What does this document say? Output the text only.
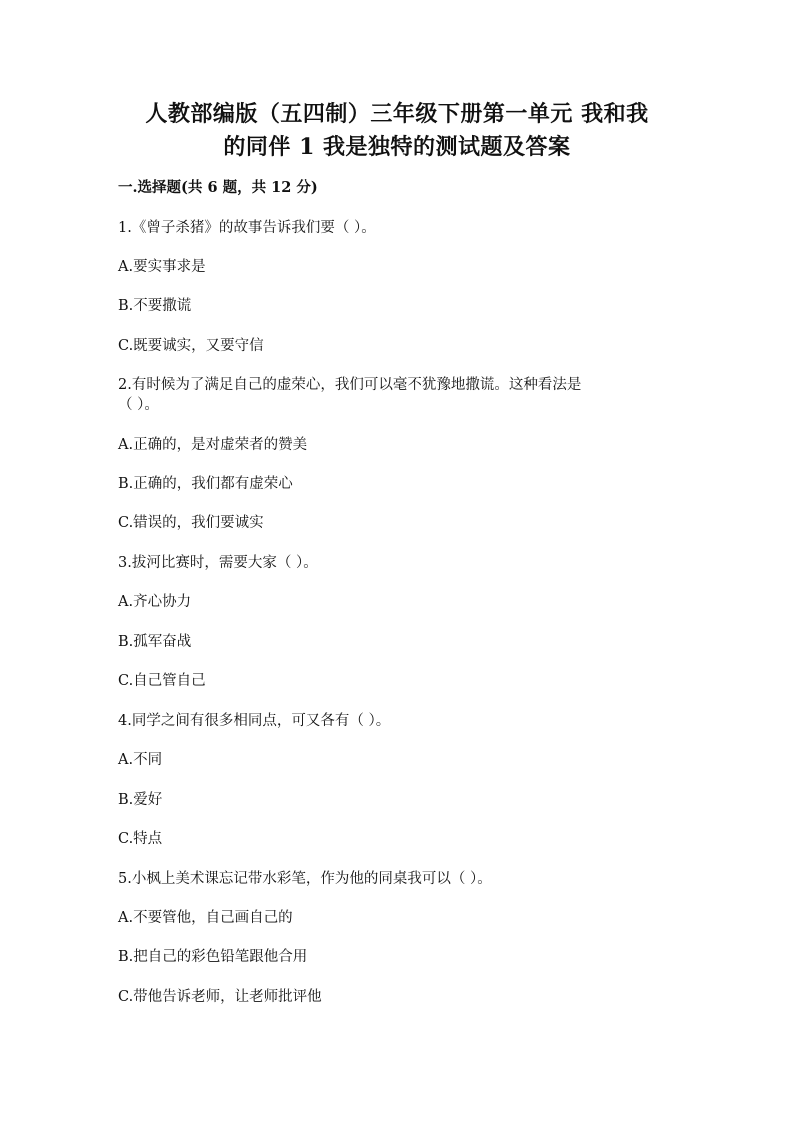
人教部编版（五四制）三年级下册第一单元 我和我
的同伴 1 我是独特的测试题及答案
一.选择题(共 6 题，共 12 分)
1.《曾子杀猪》的故事告诉我们要（ ）。
A.要实事求是
B.不要撒谎
C.既要诚实，又要守信
2.有时候为了满足自己的虚荣心，我们可以毫不犹豫地撒谎。这种看法是
（ ）。
A.正确的，是对虚荣者的赞美
B.正确的，我们都有虚荣心
C.错误的，我们要诚实
3.拔河比赛时，需要大家（ ）。
A.齐心协力
B.孤军奋战
C.自己管自己
4.同学之间有很多相同点，可又各有（ ）。
A.不同
B.爱好
C.特点
5.小枫上美术课忘记带水彩笔，作为他的同桌我可以（ ）。
A.不要管他，自己画自己的
B.把自己的彩色铅笔跟他合用
C.带他告诉老师，让老师批评他
